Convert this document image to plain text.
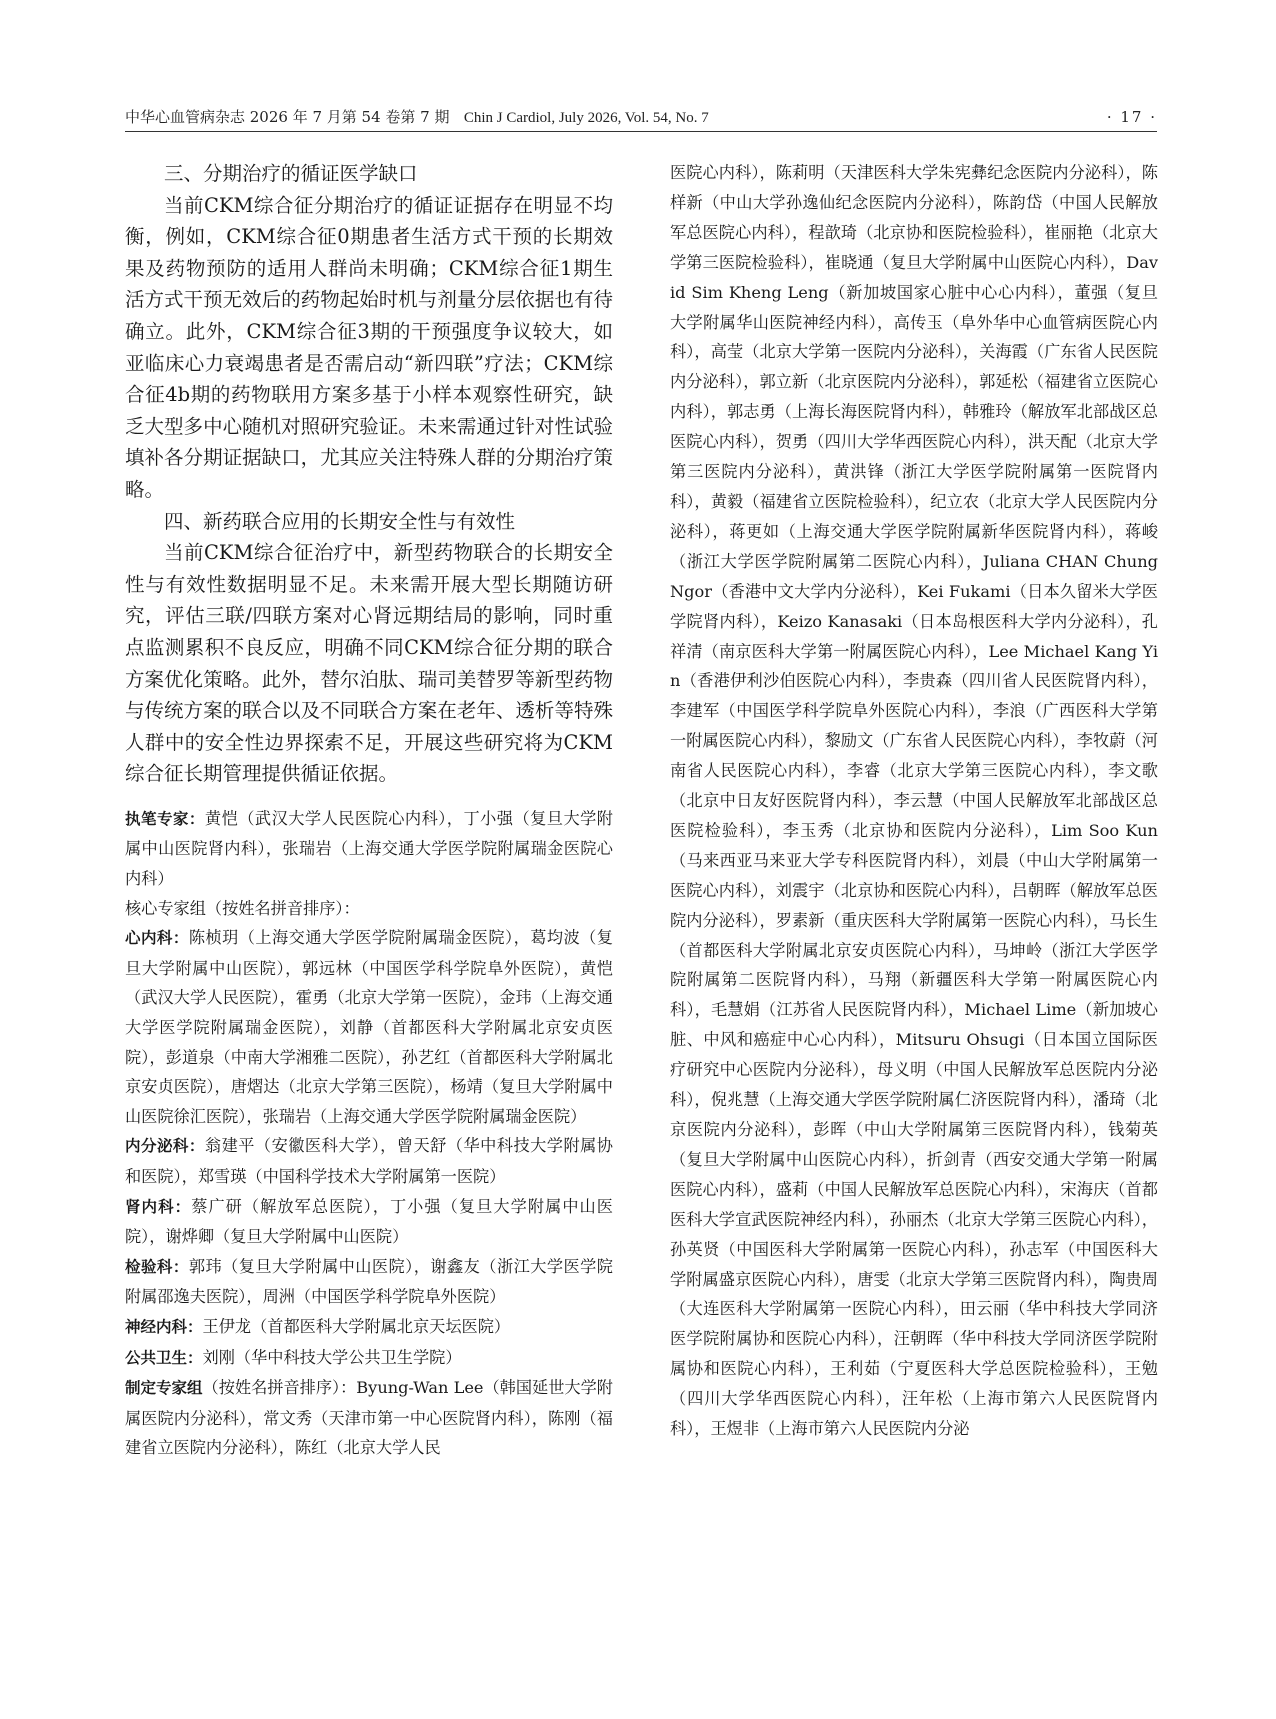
中华心血管病杂志 2026 年 7 月第 54 卷第 7 期 Chin J Cardiol, July 2026, Vol. 54, No. 7	· 17 ·

三、分期治疗的循证医学缺口

当前CKM综合征分期治疗的循证证据存在明显不均衡，例如，CKM综合征0期患者生活方式干预的长期效果及药物预防的适用人群尚未明确；CKM综合征1期生活方式干预无效后的药物起始时机与剂量分层依据也有待确立。此外，CKM综合征3期的干预强度争议较大，如亚临床心力衰竭患者是否需启动“新四联”疗法；CKM综合征4b期的药物联用方案多基于小样本观察性研究，缺乏大型多中心随机对照研究验证。未来需通过针对性试验填补各分期证据缺口，尤其应关注特殊人群的分期治疗策略。

四、新药联合应用的长期安全性与有效性

当前CKM综合征治疗中，新型药物联合的长期安全性与有效性数据明显不足。未来需开展大型长期随访研究，评估三联/四联方案对心肾远期结局的影响，同时重点监测累积不良反应，明确不同CKM综合征分期的联合方案优化策略。此外，替尔泊肽、瑞司美替罗等新型药物与传统方案的联合以及不同联合方案在老年、透析等特殊人群中的安全性边界探索不足，开展这些研究将为CKM综合征长期管理提供循证依据。

执笔专家：黄恺（武汉大学人民医院心内科），丁小强（复旦大学附属中山医院肾内科），张瑞岩（上海交通大学医学院附属瑞金医院心内科）

核心专家组（按姓名拼音排序）：

心内科：陈桢玥（上海交通大学医学院附属瑞金医院），葛均波（复旦大学附属中山医院），郭远林（中国医学科学院阜外医院），黄恺（武汉大学人民医院），霍勇（北京大学第一医院），金玮（上海交通大学医学院附属瑞金医院），刘静（首都医科大学附属北京安贞医院），彭道泉（中南大学湘雅二医院），孙艺红（首都医科大学附属北京安贞医院），唐熠达（北京大学第三医院），杨靖（复旦大学附属中山医院徐汇医院），张瑞岩（上海交通大学医学院附属瑞金医院）

内分泌科：翁建平（安徽医科大学），曾天舒（华中科技大学附属协和医院），郑雪瑛（中国科学技术大学附属第一医院）

肾内科：蔡广研（解放军总医院），丁小强（复旦大学附属中山医院），谢烨卿（复旦大学附属中山医院）

检验科：郭玮（复旦大学附属中山医院），谢鑫友（浙江大学医学院附属邵逸夫医院），周洲（中国医学科学院阜外医院）

神经内科：王伊龙（首都医科大学附属北京天坛医院）

公共卫生：刘刚（华中科技大学公共卫生学院）

制定专家组（按姓名拼音排序）：Byung-Wan Lee（韩国延世大学附属医院内分泌科），常文秀（天津市第一中心医院肾内科），陈刚（福建省立医院内分泌科），陈红（北京大学人民

医院心内科），陈莉明（天津医科大学朱宪彝纪念医院内分泌科），陈样新（中山大学孙逸仙纪念医院内分泌科），陈韵岱（中国人民解放军总医院心内科），程歆琦（北京协和医院检验科），崔丽艳（北京大学第三医院检验科），崔晓通（复旦大学附属中山医院心内科），David Sim Kheng Leng（新加坡国家心脏中心心内科），董强（复旦大学附属华山医院神经内科），高传玉（阜外华中心血管病医院心内科），高莹（北京大学第一医院内分泌科），关海霞（广东省人民医院内分泌科），郭立新（北京医院内分泌科），郭延松（福建省立医院心内科），郭志勇（上海长海医院肾内科），韩雅玲（解放军北部战区总医院心内科），贺勇（四川大学华西医院心内科），洪天配（北京大学第三医院内分泌科），黄洪锋（浙江大学医学院附属第一医院肾内科），黄毅（福建省立医院检验科），纪立农（北京大学人民医院内分泌科），蒋更如（上海交通大学医学院附属新华医院肾内科），蒋峻（浙江大学医学院附属第二医院心内科），Juliana CHAN Chung Ngor（香港中文大学内分泌科），Kei Fukami（日本久留米大学医学院肾内科），Keizo Kanasaki（日本岛根医科大学内分泌科），孔祥清（南京医科大学第一附属医院心内科），Lee Michael Kang Yin（香港伊利沙伯医院心内科），李贵森（四川省人民医院肾内科），李建军（中国医学科学院阜外医院心内科），李浪（广西医科大学第一附属医院心内科），黎励文（广东省人民医院心内科），李牧蔚（河南省人民医院心内科），李睿（北京大学第三医院心内科），李文歌（北京中日友好医院肾内科），李云慧（中国人民解放军北部战区总医院检验科），李玉秀（北京协和医院内分泌科），Lim Soo Kun（马来西亚马来亚大学专科医院肾内科），刘晨（中山大学附属第一医院心内科），刘震宇（北京协和医院心内科），吕朝晖（解放军总医院内分泌科），罗素新（重庆医科大学附属第一医院心内科），马长生（首都医科大学附属北京安贞医院心内科），马坤岭（浙江大学医学院附属第二医院肾内科），马翔（新疆医科大学第一附属医院心内科），毛慧娟（江苏省人民医院肾内科），Michael Lime（新加坡心脏、中风和癌症中心心内科），Mitsuru Ohsugi（日本国立国际医疗研究中心医院内分泌科），母义明（中国人民解放军总医院内分泌科），倪兆慧（上海交通大学医学院附属仁济医院肾内科），潘琦（北京医院内分泌科），彭晖（中山大学附属第三医院肾内科），钱菊英（复旦大学附属中山医院心内科），折剑青（西安交通大学第一附属医院心内科），盛莉（中国人民解放军总医院心内科），宋海庆（首都医科大学宣武医院神经内科），孙丽杰（北京大学第三医院心内科），孙英贤（中国医科大学附属第一医院心内科），孙志军（中国医科大学附属盛京医院心内科），唐雯（北京大学第三医院肾内科），陶贵周（大连医科大学附属第一医院心内科），田云丽（华中科技大学同济医学院附属协和医院心内科），汪朝晖（华中科技大学同济医学院附属协和医院心内科），王利茹（宁夏医科大学总医院检验科），王勉（四川大学华西医院心内科），汪年松（上海市第六人民医院肾内科），王煜非（上海市第六人民医院内分泌
